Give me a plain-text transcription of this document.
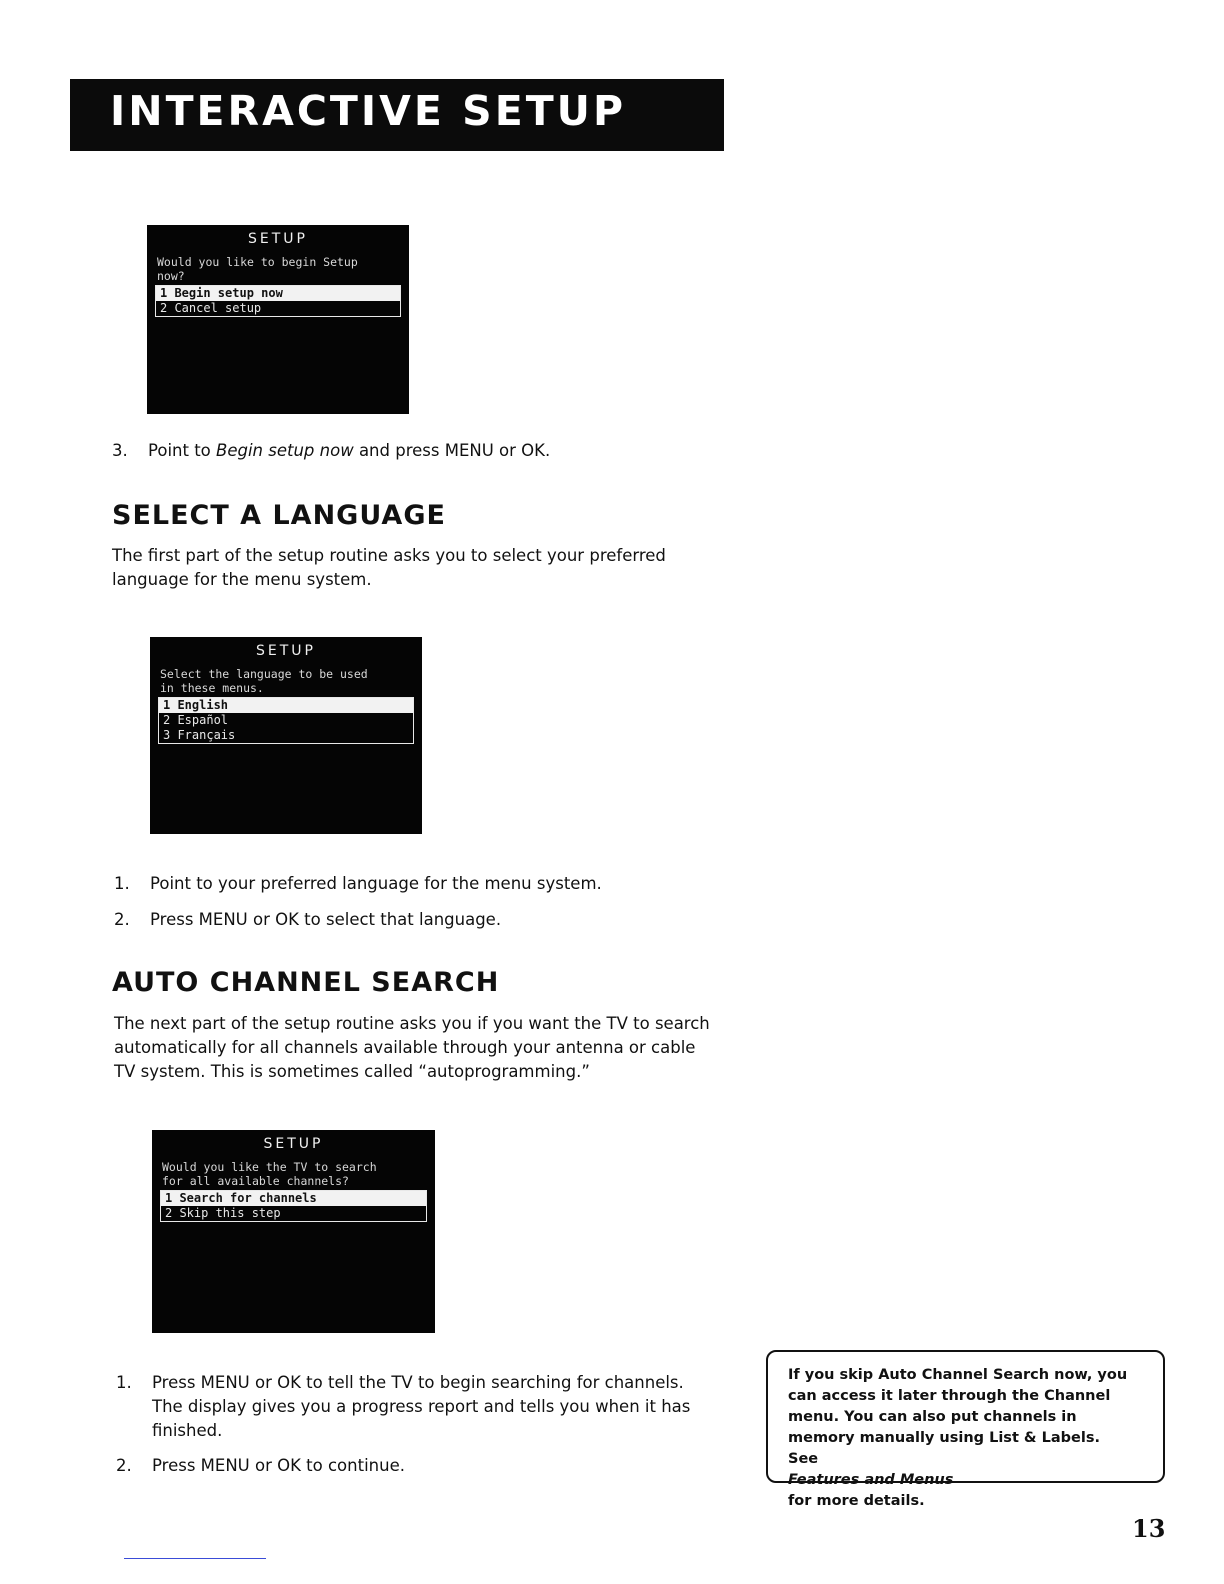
INTERACTIVE SETUP
SETUP
Would you like to begin Setup
now?
1 Begin setup now
2 Cancel setup
3. Point to Begin setup now and press MENU or OK.
SELECT A LANGUAGE
The first part of the setup routine asks you to select your preferred
language for the menu system.
SETUP
Select the language to be used
in these menus.
1 English
2 Español
3 Français
1. Point to your preferred language for the menu system.
2. Press MENU or OK to select that language.
AUTO CHANNEL SEARCH
The next part of the setup routine asks you if you want the TV to search
automatically for all channels available through your antenna or cable
TV system. This is sometimes called “autoprogramming.”
SETUP
Would you like the TV to search
for all available channels?
1 Search for channels
2 Skip this step
1. Press MENU or OK to tell the TV to begin searching for channels.
The display gives you a progress report and tells you when it has
finished.
2. Press MENU or OK to continue.
If you skip Auto Channel Search now, you
can access it later through the Channel
menu. You can also put channels in
memory manually using List & Labels.
See
Features and Menus
for more details.
13
